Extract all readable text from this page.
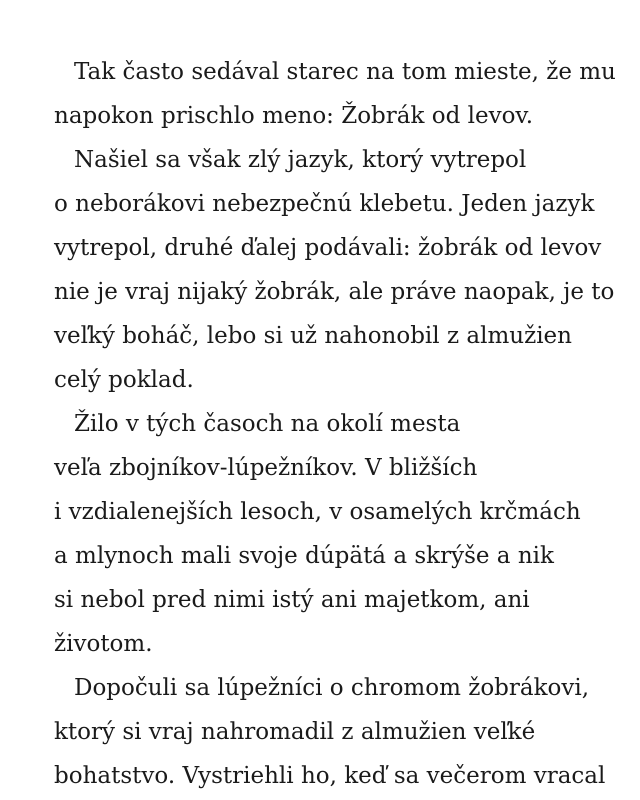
Tak často sedával starec na tom mieste, že mu
napokon prischlo meno: Žobrák od levov.

Našiel sa však zlý jazyk, ktorý vytrepol
o neborákovi nebezpečnú klebetu. Jeden jazyk
vytrepol, druhé ďalej podávali: žobrák od levov
nie je vraj nijaký žobrák, ale práve naopak, je to
veľký boháč, lebo si už nahonobil z almužien
celý poklad.

Žilo v tých časoch na okolí mesta
veľa zbojníkov-lúpežníkov. V bližších
i vzdialenejších lesoch, v osamelých krčmách
a mlynoch mali svoje dúpätá a skrýše a nik
si nebol pred nimi istý ani majetkom, ani
životom.

Dopočuli sa lúpežníci o chromom žobrákovi,
ktorý si vraj nahromadil z almužien veľké
bohatstvo. Vystriehli ho, keď sa večerom vracal
